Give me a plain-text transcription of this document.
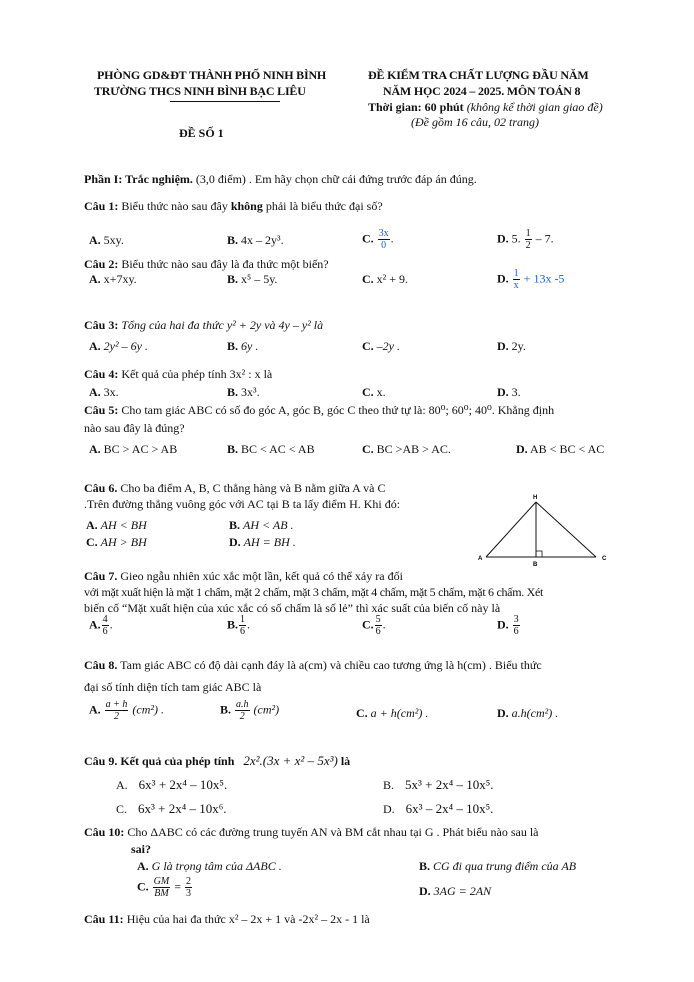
PHÒNG GD&ĐT THÀNH PHỐ NINH BÌNH
TRƯỜNG THCS NINH BÌNH BẠC LIÊU
ĐỀ SỐ 1
ĐỀ KIỂM TRA CHẤT LƯỢNG ĐẦU NĂM
NĂM HỌC 2024 – 2025. MÔN TOÁN 8
Thời gian: 60 phút (không kể thời gian giao đề)
(Đề gồm 16 câu, 02 trang)
Phần I: Trắc nghiệm. (3,0 điểm) . Em hãy chọn chữ cái đứng trước đáp án đúng.
Câu 1: Biểu thức nào sau đây không phải là biểu thức đại số?
A. 5xy.	B. 4x – 2y³.	C. $\frac{3x}{0}$ .	D. 5. $\frac{1}{2} - 7$.
Câu 2: Biểu thức nào sau đây là đa thức một biến?
A. x+7xy.	B. x⁵ – 5y.	C. x² + 9.	D. $\frac{1}{x} + 13x$ -5
Câu 3: Tổng của hai đa thức y² + 2y và 4y – y² là
A. 2y² – 6y .	B. 6y .	C. –2y .	D. 2y.
Câu 4: Kết quả của phép tính 3x² : x là
A. 3x.	B. 3x³.	C. x.	D. 3.
Câu 5: Cho tam giác ABC có số đo góc A, góc B, góc C theo thứ tự là: 80⁰; 60⁰; 40⁰. Khẳng định
nào sau đây là đúng?
A. BC > AC > AB	B. BC < AC < AB	C. BC >AB > AC.	D. AB < BC < AC
Câu 6. Cho ba điểm A, B, C thẳng hàng và B nằm giữa A và C
.Trên đường thẳng vuông góc với AC tại B ta lấy điểm H. Khi đó:
A. AH < BH	B. AH < AB .
C. AH > BH	D. AH = BH .
H
A
B
C
Câu 7. Gieo ngẫu nhiên xúc xắc một lần, kết quả có thể xảy ra đối
với mặt xuất hiện là mặt 1 chấm, mặt 2 chấm, mặt 3 chấm, mặt 4 chấm, mặt 5 chấm, mặt 6 chấm. Xét
biến cố “Mặt xuất hiện của xúc xắc có số chấm là số lẻ” thì xác suất của biến cố này là
A. $\frac{4}{6}$ .	B. $\frac{1}{6}$ .	C. $\frac{5}{6}$ .	D. $\frac{3}{6}$
Câu 8. Tam giác ABC có độ dài cạnh đáy là a(cm) và chiều cao tương ứng là h(cm) . Biểu thức
đại số tính diện tích tam giác ABC là
A. $\frac{a + h}{2} (cm^2)$ .	B. $\frac{a.h}{2} (cm^2)$	C. a + h(cm²) .	D. a.h(cm²) .
Câu 9. Kết quả của phép tính 2x².(3x + x² – 5x³) là
A. 6x³ + 2x⁴ – 10x⁵.	B. 5x³ + 2x⁴ – 10x⁵.
C. 6x³ + 2x⁴ – 10x⁶.	D. 6x³ – 2x⁴ – 10x⁵.
Câu 10: Cho ΔABC có các đường trung tuyến AN và BM cắt nhau tại G . Phát biểu nào sau là
sai?
A. G là trọng tâm của ΔABC .	B. CG đi qua trung điểm của AB
C. $\frac{GM}{BM} = \frac{2}{3}$	D. 3AG = 2AN
Câu 11: Hiệu của hai đa thức x² – 2x + 1 và -2x² – 2x - 1 là
